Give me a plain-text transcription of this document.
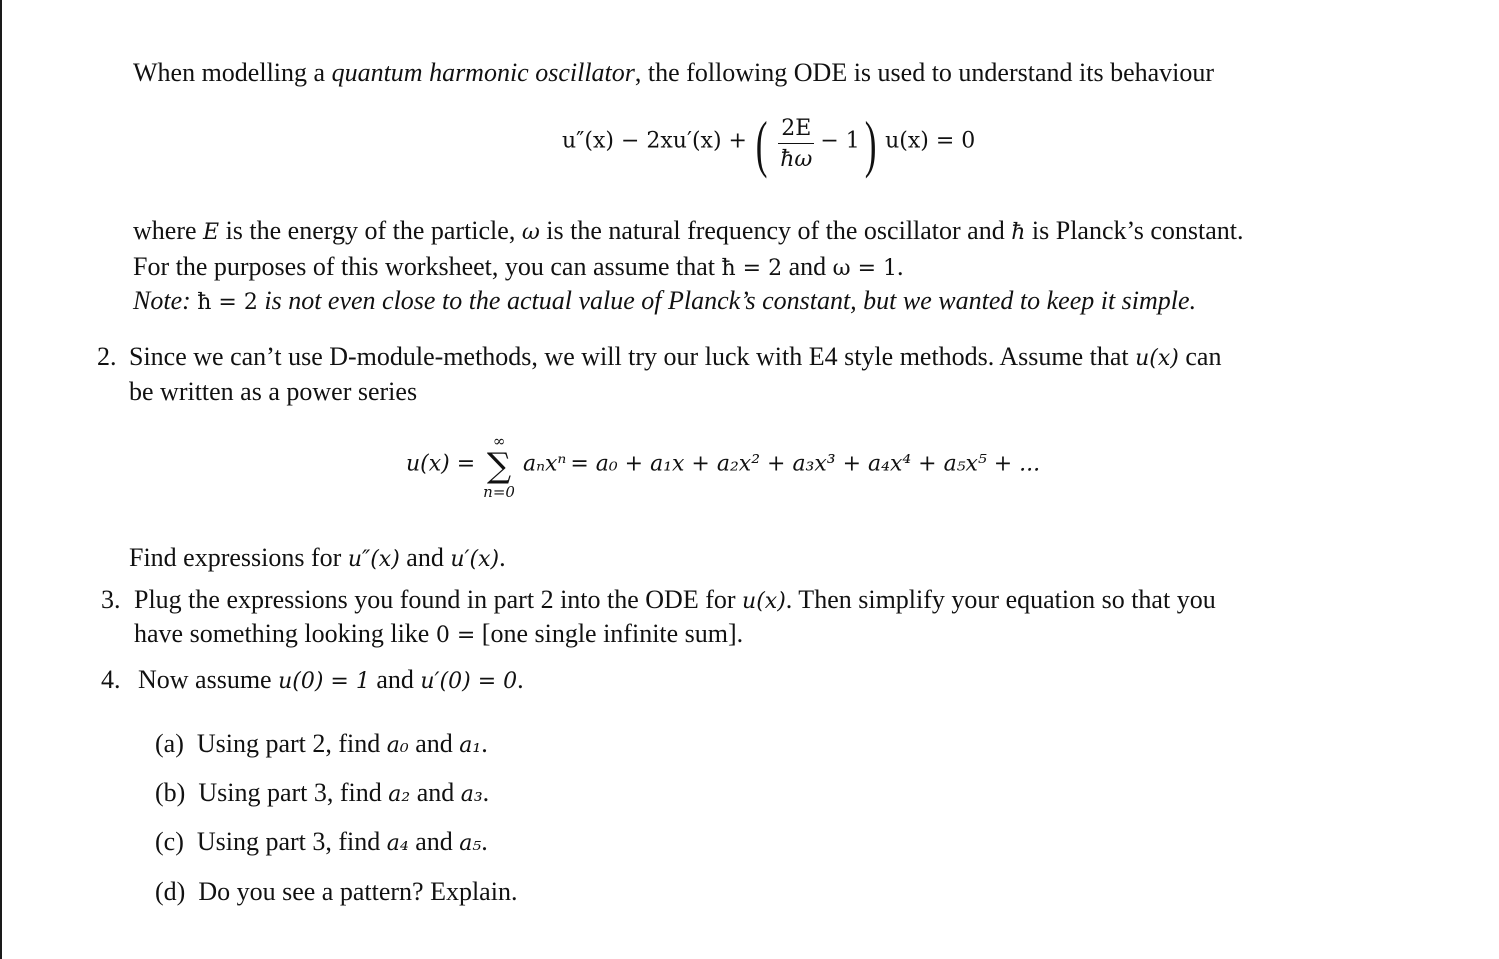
When modelling a quantum harmonic oscillator, the following ODE is used to understand its behaviour
u″(x) − 2xu′(x) + ( $\frac{2E}{ħ\omega} - 1$) u(x) = 0
where E is the energy of the particle, ω is the natural frequency of the oscillator and ħ is Planck’s constant.
For the purposes of this worksheet, you can assume that ħ = 2 and ω = 1.
Note: ħ = 2 is not even close to the actual value of Planck’s constant, but we wanted to keep it simple.
2. Since we can’t use D-module-methods, we will try our luck with E4 style methods. Assume that u(x) can
be written as a power series
u(x) =
∞
∑
n=0
aₙxⁿ = a₀ + a₁x + a₂x² + a₃x³ + a₄x⁴ + a₅x⁵ + ...
Find expressions for u″(x) and u′(x).
3. Plug the expressions you found in part 2 into the ODE for u(x). Then simplify your equation so that you
have something looking like 0 = [one single infinite sum].
4. Now assume u(0) = 1 and u′(0) = 0.
(a) Using part 2, find a₀ and a₁.
(b) Using part 3, find a₂ and a₃.
(c) Using part 3, find a₄ and a₅.
(d) Do you see a pattern? Explain.
